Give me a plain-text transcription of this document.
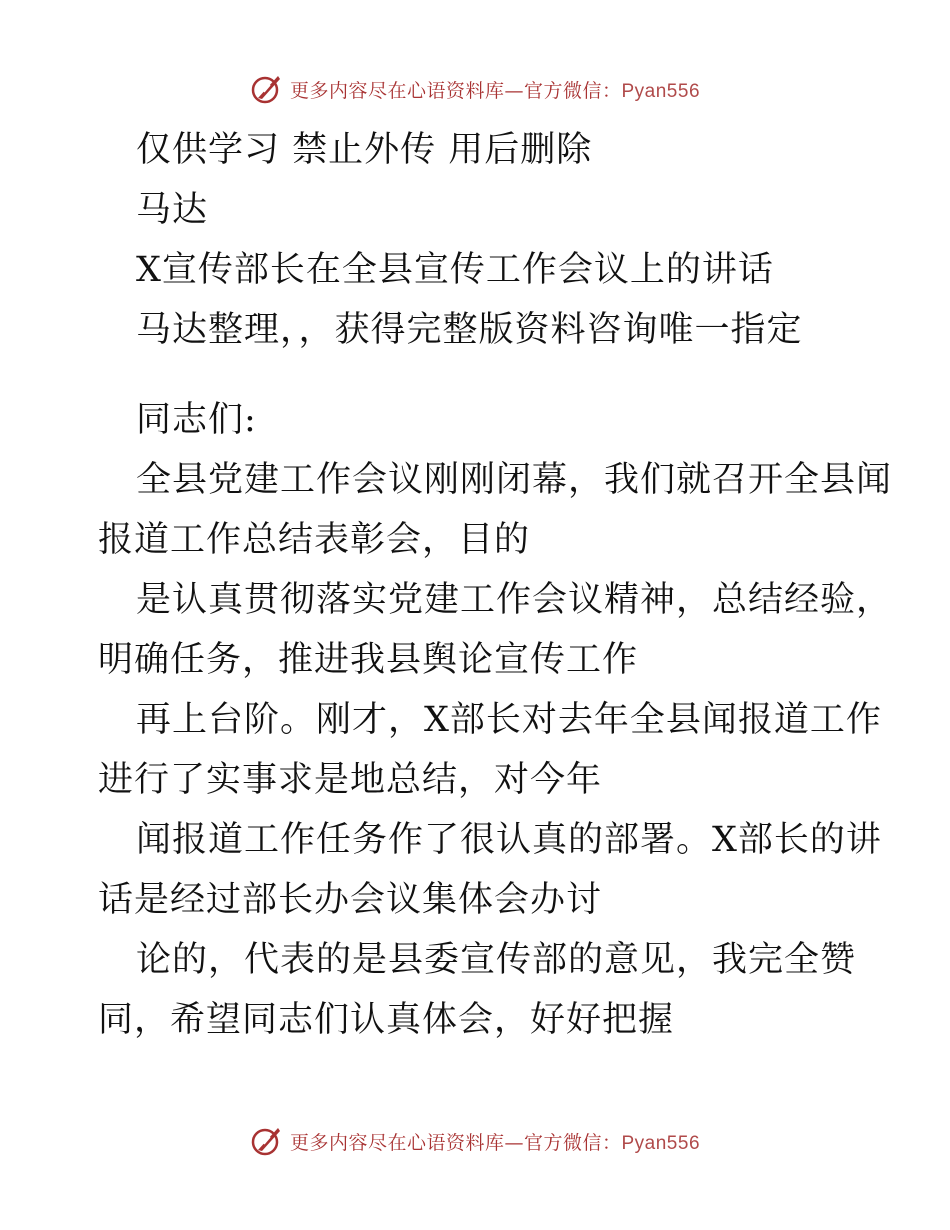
更多内容尽在心语资料库—官方微信：Pyan556
仅供学习 禁止外传 用后删除
马达
X宣传部长在全县宣传工作会议上的讲话
马达整理，，获得完整版资料咨询唯一指定
同志们:
全县党建工作会议刚刚闭幕，我们就召开全县闻
报道工作总结表彰会，目的
是认真贯彻落实党建工作会议精神，总结经验，
明确任务，推进我县舆论宣传工作
再上台阶。刚才，X部长对去年全县闻报道工作
进行了实事求是地总结，对今年
闻报道工作任务作了很认真的部署。X部长的讲
话是经过部长办会议集体会办讨
论的，代表的是县委宣传部的意见，我完全赞
同，希望同志们认真体会，好好把握
更多内容尽在心语资料库—官方微信：Pyan556
